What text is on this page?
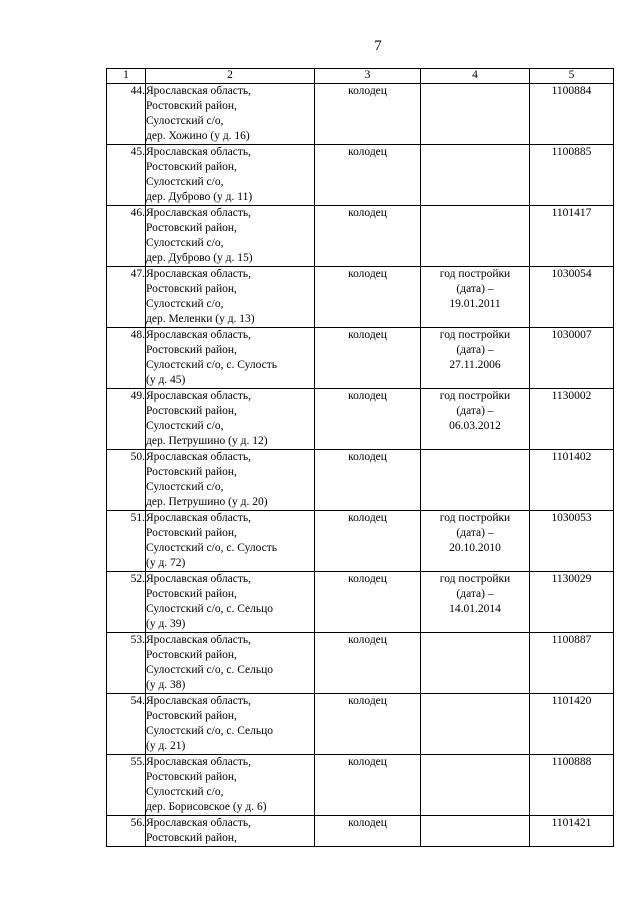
7
1	2	3	4	5
44.	Ярославская область,
Ростовский район,
Сулостский с/о,
дер. Хожино (у д. 16)	колодец		1100884
45.	Ярославская область,
Ростовский район,
Сулостский с/о,
дер. Дуброво (у д. 11)	колодец		1100885
46.	Ярославская область,
Ростовский район,
Сулостский с/о,
дер. Дуброво (у д. 15)	колодец		1101417
47.	Ярославская область,
Ростовский район,
Сулостский с/о,
дер. Меленки (у д. 13)	колодец	год постройки
(дата) –
19.01.2011	1030054
48.	Ярославская область,
Ростовский район,
Сулостский с/о, с. Сулость
(у д. 45)	колодец	год постройки
(дата) –
27.11.2006	1030007
49.	Ярославская область,
Ростовский район,
Сулостский с/о,
дер. Петрушино (у д. 12)	колодец	год постройки
(дата) –
06.03.2012	1130002
50.	Ярославская область,
Ростовский район,
Сулостский с/о,
дер. Петрушино (у д. 20)	колодец		1101402
51.	Ярославская область,
Ростовский район,
Сулостский с/о, с. Сулость
(у д. 72)	колодец	год постройки
(дата) –
20.10.2010	1030053
52.	Ярославская область,
Ростовский район,
Сулостский с/о, с. Сельцо
(у д. 39)	колодец	год постройки
(дата) –
14.01.2014	1130029
53.	Ярославская область,
Ростовский район,
Сулостский с/о, с. Сельцо
(у д. 38)	колодец		1100887
54.	Ярославская область,
Ростовский район,
Сулостский с/о, с. Сельцо
(у д. 21)	колодец		1101420
55.	Ярославская область,
Ростовский район,
Сулостский с/о,
дер. Борисовское (у д. 6)	колодец		1100888
56.	Ярославская область,
Ростовский район,	колодец		1101421
